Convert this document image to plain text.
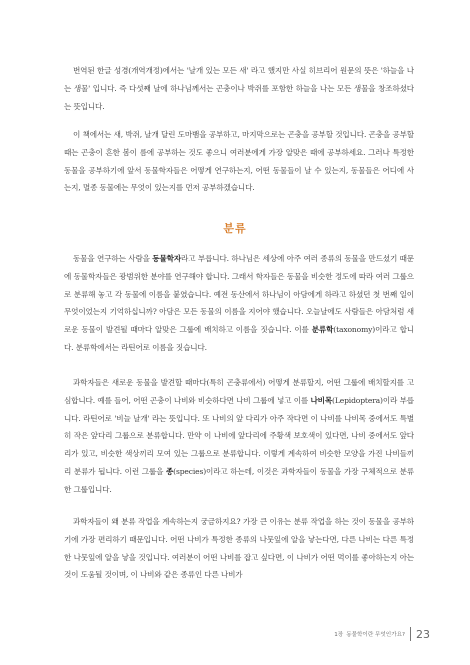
번역된 한글 성경(개역개정)에서는 '날개 있는 모든 새' 라고 했지만 사실 히브리어 원문의 뜻은 '하늘을 나는 생물' 입니다. 즉 다섯째 날에 하나님께서는 곤충이나 박쥐를 포함한 하늘을 나는 모든 생물을 창조하셨다는 뜻입니다.

이 책에서는 새, 박쥐, 날개 달린 도마뱀을 공부하고, 마지막으로는 곤충을 공부할 것입니다. 곤충을 공부할 때는 곤충이 흔한 봄이 름에 공부하는 것도 좋으니 여러분에게 가장 알맞은 때에 공부하세요. 그러나 특정한 동물을 공부하기에 앞서 동물학자들은 어떻게 연구하는지, 어떤 동물들이 날 수 있는지, 동물들은 어디에 사는지, 멸종 동물에는 무엇이 있는지를 먼저 공부하겠습니다.

분류

동물을 연구하는 사람을 동물학자라고 부릅니다. 하나님은 세상에 아주 여러 종류의 동물을 만드셨기 때문에 동물학자들은 광범위한 분야를 연구해야 합니다. 그래서 학자들은 동물을 비슷한 정도에 따라 여러 그룹으로 분류해 놓고 각 동물에 이름을 붙였습니다. 예전 동산에서 하나님이 아담에게 하라고 하셨던 첫 번째 일이 무엇이었는지 기억하십니까? 아담은 모든 동물의 이름을 지어야 했습니다. 오늘날에도 사람들은 아담처럼 새로운 동물이 발견될 때마다 알맞은 그룹에 배치하고 이름을 짓습니다. 이를 분류학(taxonomy)이라고 합니다. 분류학에서는 라틴어로 이름을 짓습니다.

과학자들은 새로운 동물을 발견할 때마다(특히 곤충류에서) 어떻게 분류할지, 어떤 그룹에 배치할지를 고심합니다. 예를 들어, 어떤 곤충이 나비와 비슷하다면 나비 그룹에 넣고 이를 나비목(Lepidoptera)이라 부릅니다. 라틴어로 '비늘 날개' 라는 뜻입니다. 또 나비의 앞 다리가 아주 작다면 이 나비를 나비목 중에서도 특별히 작은 앞다리 그룹으로 분류합니다. 만약 이 나비에 앞다리에 주황색 보호색이 있다면, 나비 중에서도 앞다리가 있고, 비슷한 색상끼리 모여 있는 그룹으로 분류합니다. 이렇게 계속하여 비슷한 모양을 가진 나비들끼리 분류가 됩니다. 이런 그룹을 종(species)이라고 하는데, 이것은 과학자들이 동물을 가장 구체적으로 분류한 그룹입니다.

과학자들이 왜 분류 작업을 계속하는지 궁금하지요? 가장 큰 이유는 분류 작업을 하는 것이 동물을 공부하기에 가장 편리하기 때문입니다. 어떤 나비가 특정한 종류의 나뭇잎에 알을 낳는다면, 다른 나비는 다른 특정한 나뭇잎에 알을 낳을 것입니다. 여러분이 어떤 나비를 잡고 싶다면, 이 나비가 어떤 먹이를 좋아하는지 아는 것이 도움될 것이며, 이 나비와 같은 종류인 다른 나비가

1장 동물학이란 무엇인가요? 23
